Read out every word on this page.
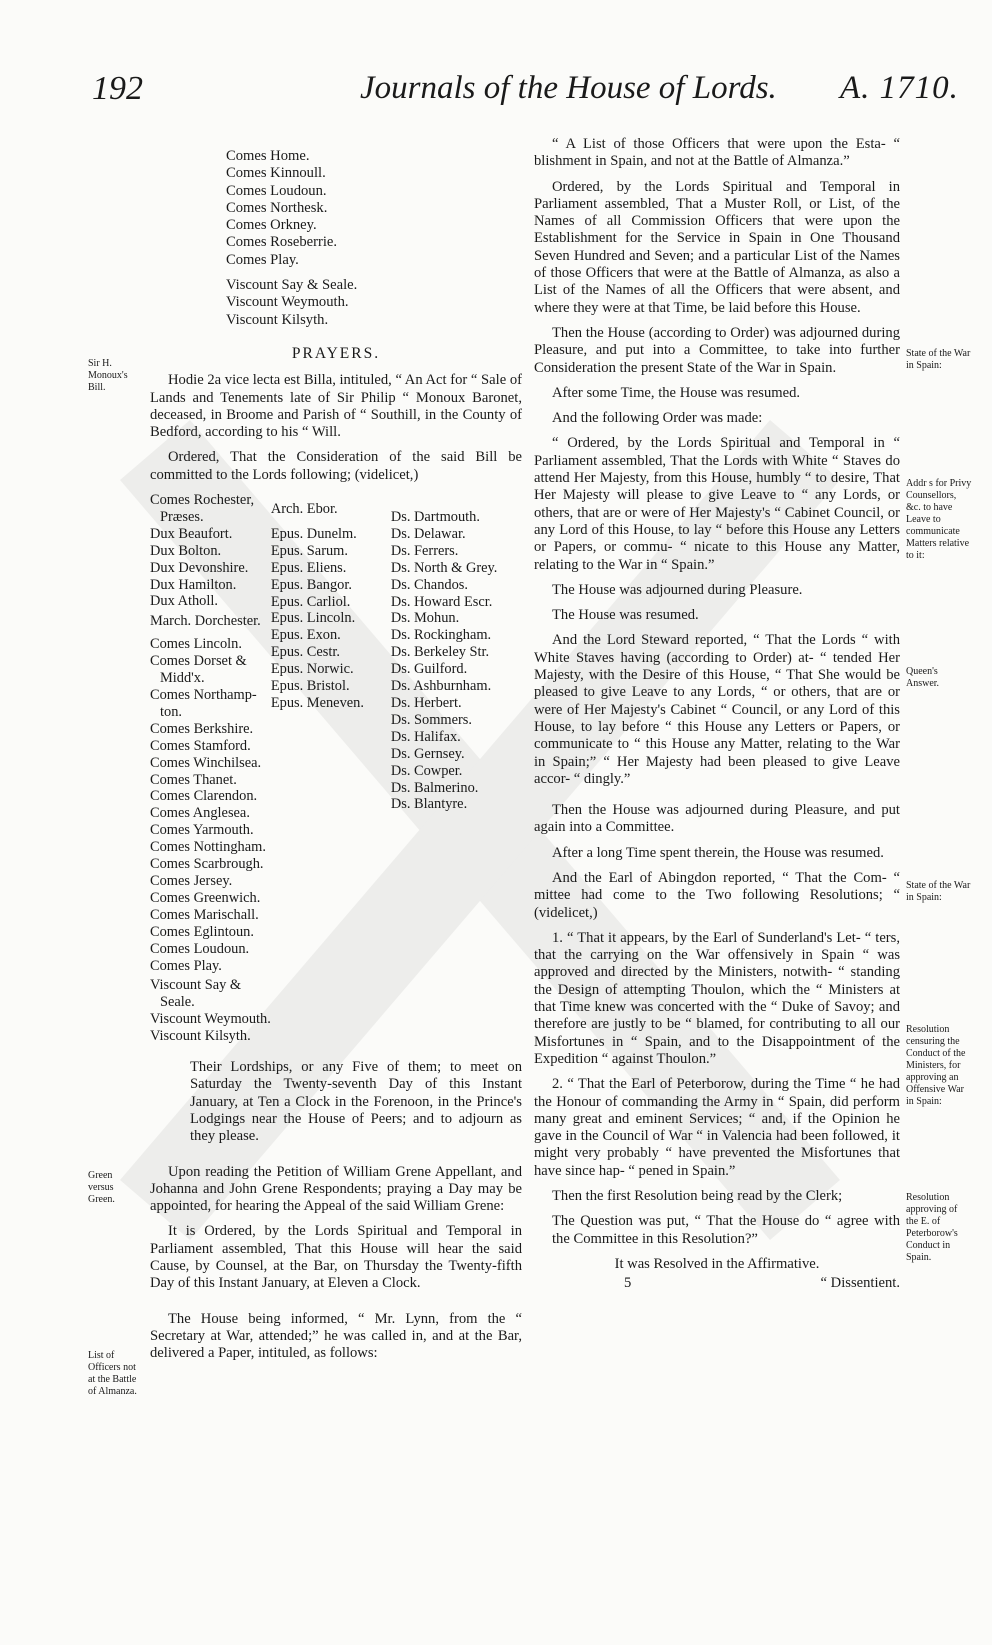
192	Journals of the House of Lords. A. 1710.
Sir H. Monoux's Bill.
Green versus Green.
List of Officers not at the Battle of Almanza.
State of the War in Spain:
Addr s for Privy Counsellors, &c. to have Leave to communicate Matters relative to it:
Queen's Answer.
State of the War in Spain:
Resolution censuring the Conduct of the Ministers, for approving an Offensive War in Spain:
Resolution approving of the E. of Peterborow's Conduct in Spain.
Comes Home.
Comes Kinnoull.
Comes Loudoun.
Comes Northesk.
Comes Orkney.
Comes Roseberrie.
Comes Play.
Viscount Say & Seale.
Viscount Weymouth.
Viscount Kilsyth.
PRAYERS.

Hodie 2a vice lecta est Billa, intituled, “ An Act for “ Sale of Lands and Tenements late of Sir Philip “ Monoux Baronet, deceased, in Broome and Parish of “ Southill, in the County of Bedford, according to his “ Will.

Ordered, That the Consideration of the said Bill be committed to the Lords following; (videlicet,)

Comes Rochester,
Præses.
Dux Beaufort.
Dux Bolton.
Dux Devonshire.
Dux Hamilton.
Dux Atholl.
March. Dorchester.
Comes Lincoln.
Comes Dorset &
Midd'x.
Comes Northamp-
ton.
Comes Berkshire.
Comes Stamford.
Comes Winchilsea.
Comes Thanet.
Comes Clarendon.
Comes Anglesea.
Comes Yarmouth.
Comes Nottingham.
Comes Scarbrough.
Comes Jersey.
Comes Greenwich.
Comes Marischall.
Comes Eglintoun.
Comes Loudoun.
Comes Play.
Viscount Say &
Seale.
Viscount Weymouth.
Viscount Kilsyth.

Arch. Ebor.
Epus. Dunelm.
Epus. Sarum.
Epus. Eliens.
Epus. Bangor.
Epus. Carliol.
Epus. Lincoln.
Epus. Exon.
Epus. Cestr.
Epus. Norwic.
Epus. Bristol.
Epus. Meneven.

Ds. Dartmouth.
Ds. Delawar.
Ds. Ferrers.
Ds. North & Grey.
Ds. Chandos.
Ds. Howard Escr.
Ds. Mohun.
Ds. Rockingham.
Ds. Berkeley Str.
Ds. Guilford.
Ds. Ashburnham.
Ds. Herbert.
Ds. Sommers.
Ds. Halifax.
Ds. Gernsey.
Ds. Cowper.
Ds. Balmerino.
Ds. Blantyre.

Their Lordships, or any Five of them; to meet on Saturday the Twenty-seventh Day of this Instant January, at Ten a Clock in the Forenoon, in the Prince's Lodgings near the House of Peers; and to adjourn as they please.

Upon reading the Petition of William Grene Appellant, and Johanna and John Grene Respondents; praying a Day may be appointed, for hearing the Appeal of the said William Grene:

It is Ordered, by the Lords Spiritual and Temporal in Parliament assembled, That this House will hear the said Cause, by Counsel, at the Bar, on Thursday the Twenty-fifth Day of this Instant January, at Eleven a Clock.

The House being informed, “ Mr. Lynn, from the “ Secretary at War, attended;” he was called in, and at the Bar, delivered a Paper, intituled, as follows:

“ A List of those Officers that were upon the Esta- “ blishment in Spain, and not at the Battle of Almanza.”

Ordered, by the Lords Spiritual and Temporal in Parliament assembled, That a Muster Roll, or List, of the Names of all Commission Officers that were upon the Establishment for the Service in Spain in One Thousand Seven Hundred and Seven; and a particular List of the Names of those Officers that were at the Battle of Almanza, as also a List of the Names of all the Officers that were absent, and where they were at that Time, be laid before this House.

Then the House (according to Order) was adjourned during Pleasure, and put into a Committee, to take into further Consideration the present State of the War in Spain.

After some Time, the House was resumed.

And the following Order was made:

“ Ordered, by the Lords Spiritual and Temporal in “ Parliament assembled, That the Lords with White “ Staves do attend Her Majesty, from this House, humbly “ to desire, That Her Majesty will please to give Leave to “ any Lords, or others, that are or were of Her Majesty's “ Cabinet Council, or any Lord of this House, to lay “ before this House any Letters or Papers, or commu- “ nicate to this House any Matter, relating to the War in “ Spain.”

The House was adjourned during Pleasure.

The House was resumed.

And the Lord Steward reported, “ That the Lords “ with White Staves having (according to Order) at- “ tended Her Majesty, with the Desire of this House, “ That She would be pleased to give Leave to any Lords, “ or others, that are or were of Her Majesty's Cabinet “ Council, or any Lord of this House, to lay before “ this House any Letters or Papers, or communicate to “ this House any Matter, relating to the War in Spain;” “ Her Majesty had been pleased to give Leave accor- “ dingly.”

Then the House was adjourned during Pleasure, and put again into a Committee.

After a long Time spent therein, the House was resumed.

And the Earl of Abingdon reported, “ That the Com- “ mittee had come to the Two following Resolutions; “ (videlicet,)

1. “ That it appears, by the Earl of Sunderland's Let- “ ters, that the carrying on the War offensively in Spain “ was approved and directed by the Ministers, notwith- “ standing the Design of attempting Thoulon, which the “ Ministers at that Time knew was concerted with the “ Duke of Savoy; and therefore are justly to be “ blamed, for contributing to all our Misfortunes in “ Spain, and to the Disappointment of the Expedition “ against Thoulon.”

2. “ That the Earl of Peterborow, during the Time “ he had the Honour of commanding the Army in “ Spain, did perform many great and eminent Services; “ and, if the Opinion he gave in the Council of War “ in Valencia had been followed, it might very probably “ have prevented the Misfortunes that have since hap- “ pened in Spain.”

Then the first Resolution being read by the Clerk;

The Question was put, “ That the House do “ agree with the Committee in this Resolution?”

It was Resolved in the Affirmative.

5	“ Dissentient.
